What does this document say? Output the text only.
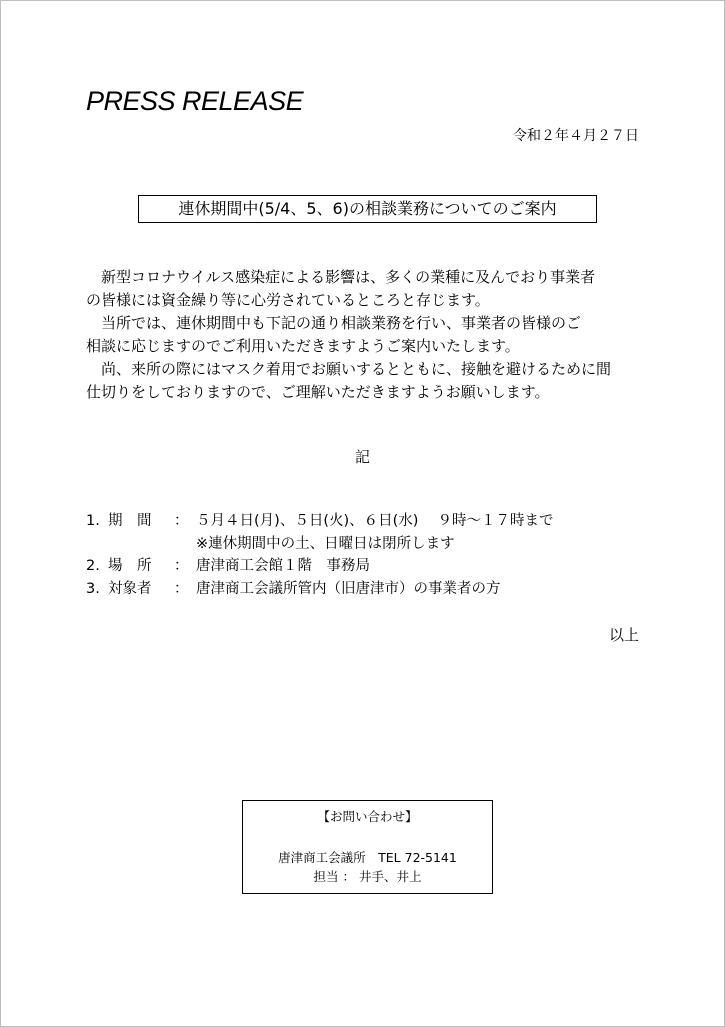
PRESS RELEASE
令和２年４月２７日
連休期間中(5/4、5、6)の相談業務についてのご案内
　新型コロナウイルス感染症による影響は、多くの業種に及んでおり事業者
の皆様には資金繰り等に心労されているところと存じます。
　当所では、連休期間中も下記の通り相談業務を行い、事業者の皆様のご
相談に応じますのでご利用いただきますようご案内いたします。
　尚、来所の際にはマスク着用でお願いするとともに、接触を避けるために間
仕切りをしておりますので、ご理解いただきますようお願いします。
記
1. 期　間 ： ５月４日(月)、５日(火)、６日(水)　 ９時～１７時まで
※連休期間中の土、日曜日は閉所します
2. 場　所 ： 唐津商工会館１階　事務局
3. 対象者 ： 唐津商工会議所管内（旧唐津市）の事業者の方
以上
【お問い合わせ】
唐津商工会議所　TEL 72-5141
担当 ： 井手、井上
